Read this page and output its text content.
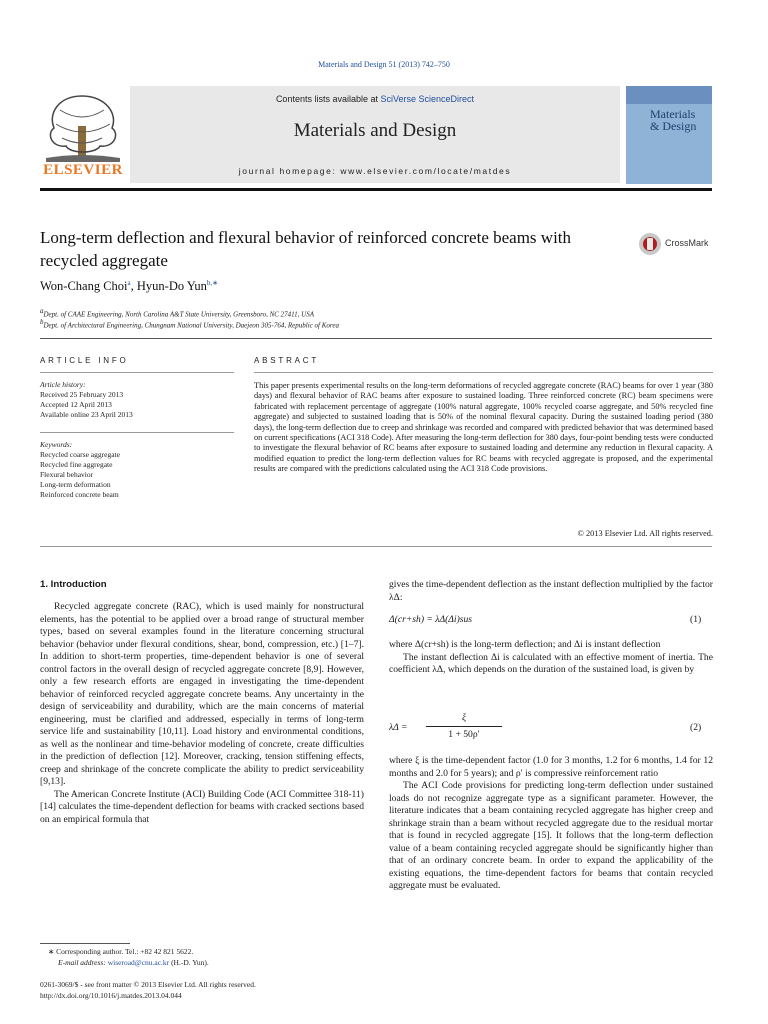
Materials and Design 51 (2013) 742–750
Contents lists available at SciVerse ScienceDirect
Materials and Design
journal homepage: www.elsevier.com/locate/matdes
ELSEVIER
Materials
& Design
Long-term deflection and flexural behavior of reinforced concrete beams with recycled aggregate
CrossMark
Won-Chang Choi$^a$, Hyun-Do Yun$^{b,∗}$
$^a$Dept. of CAAE Engineering, North Carolina A&T State University, Greensboro, NC 27411, USA
$^b$Dept. of Architectural Engineering, Chungnam National University, Daejeon 305-764, Republic of Korea
ARTICLE INFO
Article history:
Received 25 February 2013
Accepted 12 April 2013
Available online 23 April 2013
Keywords:
Recycled coarse aggregate
Recycled fine aggregate
Flexural behavior
Long-term deformation
Reinforced concrete beam
ABSTRACT
This paper presents experimental results on the long-term deformations of recycled aggregate concrete (RAC) beams for over 1 year (380 days) and flexural behavior of RAC beams after exposure to sustained loading. Three reinforced concrete (RC) beam specimens were fabricated with replacement percentage of aggregate (100% natural aggregate, 100% recycled coarse aggregate, and 50% recycled fine aggregate) and subjected to sustained loading that is 50% of the nominal flexural capacity. During the sustained loading period (380 days), the long-term deflection due to creep and shrinkage was recorded and compared with predicted behavior that was determined based on current specifications (ACI 318 Code). After measuring the long-term deflection for 380 days, four-point bending tests were conducted to investigate the flexural behavior of RC beams after exposure to sustained loading and determine any reduction in flexural capacity. A modified equation to predict the long-term deflection values for RC beams with recycled aggregate is proposed, and the experimental results are compared with the predictions calculated using the ACI 318 Code provisions.
© 2013 Elsevier Ltd. All rights reserved.
1. Introduction

Recycled aggregate concrete (RAC), which is used mainly for nonstructural elements, has the potential to be applied over a broad range of structural member types, based on several examples found in the literature concerning structural behavior (behavior under flexural conditions, shear, bond, compression, etc.) [1–7]. In addition to short-term properties, time-dependent behavior is one of several control factors in the overall design of recycled aggregate concrete [8,9]. However, only a few research efforts are engaged in investigating the time-dependent behavior of reinforced recycled aggregate concrete beams. Any uncertainty in the design of serviceability and durability, which are the main concerns of material engineering, must be clarified and addressed, especially in terms of long-term service life and sustainability [10,11]. Load history and environmental conditions, as well as the nonlinear and time-behavior modeling of concrete, create difficulties in the prediction of deflection [12]. Moreover, cracking, tension stiffening effects, creep and shrinkage of the concrete complicate the ability to predict serviceability [9,13].

The American Concrete Institute (ACI) Building Code (ACI Committee 318-11) [14] calculates the time-dependent deflection for beams with cracked sections based on an empirical formula that

gives the time-dependent deflection as the instant deflection multiplied by the factor λΔ:
Δ(cr+sh) = λΔ(Δi)sus	(1)
where Δ(cr+sh) is the long-term deflection; and Δi is instant deflection

The instant deflection Δi is calculated with an effective moment of inertia. The coefficient λΔ, which depends on the duration of the sustained load, is given by

λΔ =
ξ
1 + 50ρ′
(2)
where ξ is the time-dependent factor (1.0 for 3 months, 1.2 for 6 months, 1.4 for 12 months and 2.0 for 5 years); and ρ′ is compressive reinforcement ratio

The ACI Code provisions for predicting long-term deflection under sustained loads do not recognize aggregate type as a significant parameter. However, the literature indicates that a beam containing recycled aggregate has higher creep and shrinkage strain than a beam without recycled aggregate due to the residual mortar that is found in recycled aggregate [15]. It follows that the long-term deflection value of a beam containing recycled aggregate should be significantly higher than that of an ordinary concrete beam. In order to expand the applicability of the existing equations, the time-dependent factors for beams that contain recycled aggregate must be evaluated.

∗ Corresponding author. Tel.: +82 42 821 5622.
E-mail address: wiseroad@cnu.ac.kr (H.-D. Yun).
0261-3069/$ - see front matter © 2013 Elsevier Ltd. All rights reserved.
http://dx.doi.org/10.1016/j.matdes.2013.04.044
